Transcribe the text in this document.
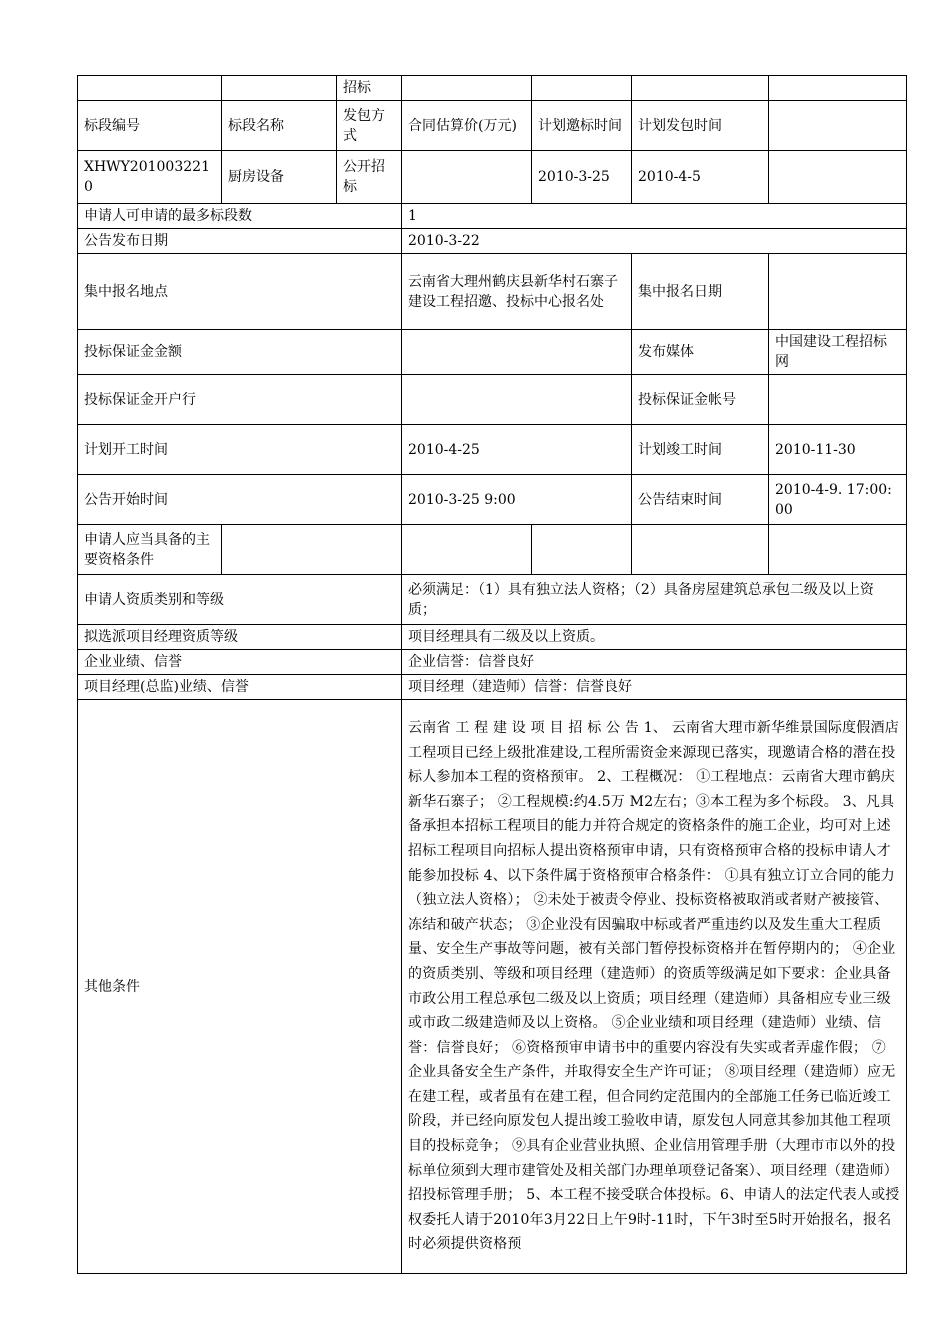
		招标				
标段编号	标段名称	发包方式	合同估算价(万元)	计划邀标时间	计划发包时间	
XHWY2010032210	厨房设备	公开招标		2010-3-25	2010-4-5	
申请人可申请的最多标段数			1			
公告发布日期			2010-3-22			
集中报名地点			云南省大理州鹤庆县新华村石寨子建设工程招邀、投标中心报名处		集中报名日期	
投标保证金金额					发布媒体	中国建设工程招标网
投标保证金开户行					投标保证金帐号	
计划开工时间			2010-4-25		计划竣工时间	2010-11-30
公告开始时间			2010-3-25 9:00		公告结束时间	2010-4-9. 17:00:00
申请人应当具备的主要资格条件						
申请人资质类别和等级			必须满足：（1）具有独立法人资格；（2）具备房屋建筑总承包二级及以上资质；			
拟选派项目经理资质等级			项目经理具有二级及以上资质。			
企业业绩、信誉			企业信誉：信誉良好			
项目经理(总监)业绩、信誉			项目经理（建造师）信誉：信誉良好			
其他条件			云南省 工 程 建 设 项 目 招 标 公 告 1、 云南省大理市新华维景国际度假酒店工程项目已经上级批准建设,工程所需资金来源现已落实，现邀请合格的潜在投标人参加本工程的资格预审。 2、工程概况： ①工程地点：云南省大理市鹤庆新华石寨子； ②工程规模:约4.5万 M2左右；③本工程为多个标段。 3、凡具备承担本招标工程项目的能力并符合规定的资格条件的施工企业，均可对上述招标工程项目向招标人提出资格预审申请，只有资格预审合格的投标申请人才能参加投标 4、以下条件属于资格预审合格条件： ①具有独立订立合同的能力（独立法人资格）； ②未处于被责令停业、投标资格被取消或者财产被接管、冻结和破产状态； ③企业没有因骗取中标或者严重违约以及发生重大工程质量、安全生产事故等问题，被有关部门暂停投标资格并在暂停期内的； ④企业的资质类别、等级和项目经理（建造师）的资质等级满足如下要求：企业具备市政公用工程总承包二级及以上资质；项目经理（建造师）具备相应专业三级或市政二级建造师及以上资格。 ⑤企业业绩和项目经理（建造师）业绩、信誉：信誉良好； ⑥资格预审申请书中的重要内容没有失实或者弄虚作假； ⑦企业具备安全生产条件，并取得安全生产许可证； ⑧项目经理（建造师）应无在建工程，或者虽有在建工程，但合同约定范围内的全部施工任务已临近竣工阶段，并已经向原发包人提出竣工验收申请，原发包人同意其参加其他工程项目的投标竞争； ⑨具有企业营业执照、企业信用管理手册（大理市市以外的投标单位须到大理市建管处及相关部门办理单项登记备案）、项目经理（建造师）招投标管理手册； 5、本工程不接受联合体投标。6、申请人的法定代表人或授权委托人请于2010年3月22日上午9时-11时，下午3时至5时开始报名，报名时必须提供资格预			
